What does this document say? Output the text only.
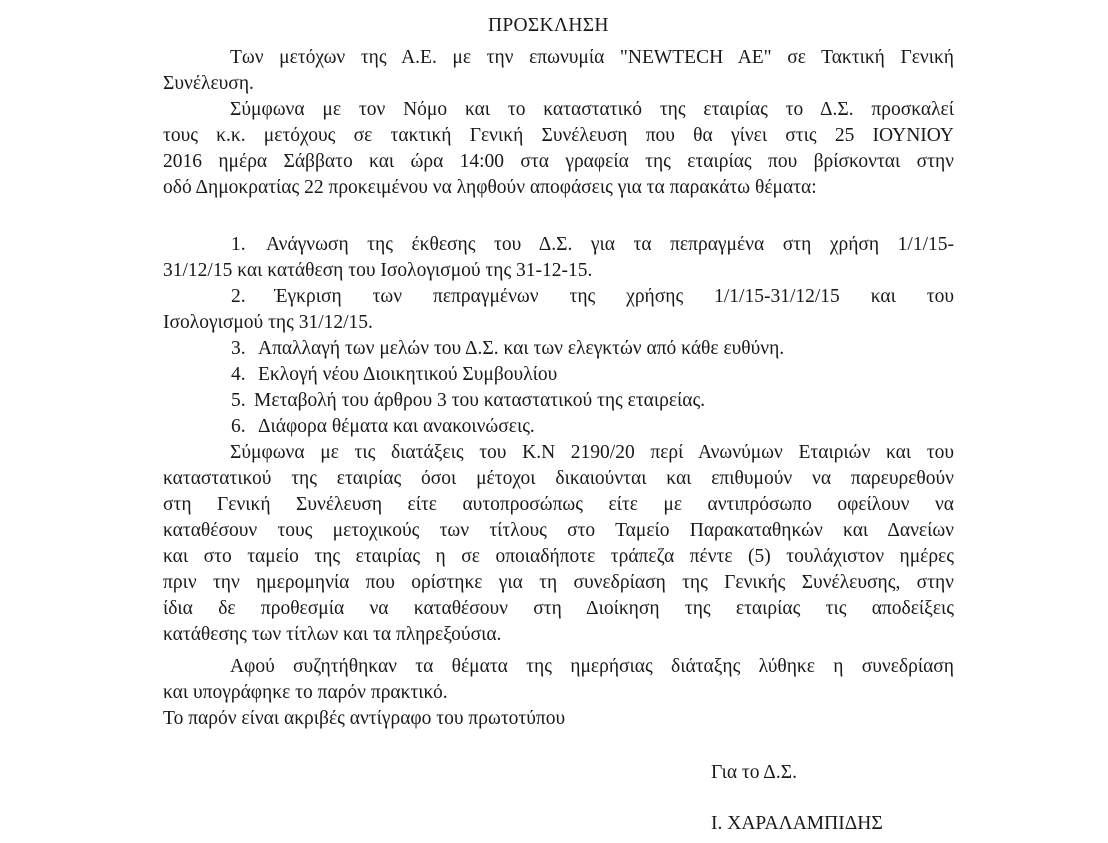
ΠΡΟΣΚΛΗΣΗ
Των μετόχων της Α.Ε. με την επωνυμία "NEWTECH AE" σε Τακτική Γενική
Συνέλευση.
Σύμφωνα με τον Νόμο και το καταστατικό της εταιρίας το Δ.Σ. προσκαλεί
τους κ.κ. μετόχους σε τακτική Γενική Συνέλευση που θα γίνει στις 25 ΙΟΥΝΙΟΥ
2016 ημέρα Σάββατο και ώρα 14:00 στα γραφεία της εταιρίας που βρίσκονται στην
οδό Δημοκρατίας 22 προκειμένου να ληφθούν αποφάσεις για τα παρακάτω θέματα:
1. Ανάγνωση της έκθεσης του Δ.Σ. για τα πεπραγμένα στη χρήση 1/1/15-
31/12/15 και κατάθεση του Ισολογισμού της 31-12-15.
2. Έγκριση των πεπραγμένων της χρήσης 1/1/15-31/12/15 και του
Ισολογισμού της 31/12/15.
3. Απαλλαγή των μελών του Δ.Σ. και των ελεγκτών από κάθε ευθύνη.
4. Εκλογή νέου Διοικητικού Συμβουλίου
5. Μεταβολή του άρθρου 3 του καταστατικού της εταιρείας.
6. Διάφορα θέματα και ανακοινώσεις.
Σύμφωνα με τις διατάξεις του Κ.Ν 2190/20 περί Ανωνύμων Εταιριών και του
καταστατικού της εταιρίας όσοι μέτοχοι δικαιούνται και επιθυμούν να παρευρεθούν
στη Γενική Συνέλευση είτε αυτοπροσώπως είτε με αντιπρόσωπο οφείλουν να
καταθέσουν τους μετοχικούς των τίτλους στο Ταμείο Παρακαταθηκών και Δανείων
και στο ταμείο της εταιρίας η σε οποιαδήποτε τράπεζα πέντε (5) τουλάχιστον ημέρες
πριν την ημερομηνία που ορίστηκε για τη συνεδρίαση της Γενικής Συνέλευσης, στην
ίδια δε προθεσμία να καταθέσουν στη Διοίκηση της εταιρίας τις αποδείξεις
κατάθεσης των τίτλων και τα πληρεξούσια.
Αφού συζητήθηκαν τα θέματα της ημερήσιας διάταξης λύθηκε η συνεδρίαση
και υπογράφηκε το παρόν πρακτικό.
Το παρόν είναι ακριβές αντίγραφο του πρωτοτύπου
Για το Δ.Σ.
Ι. ΧΑΡΑΛΑΜΠΙΔΗΣ
